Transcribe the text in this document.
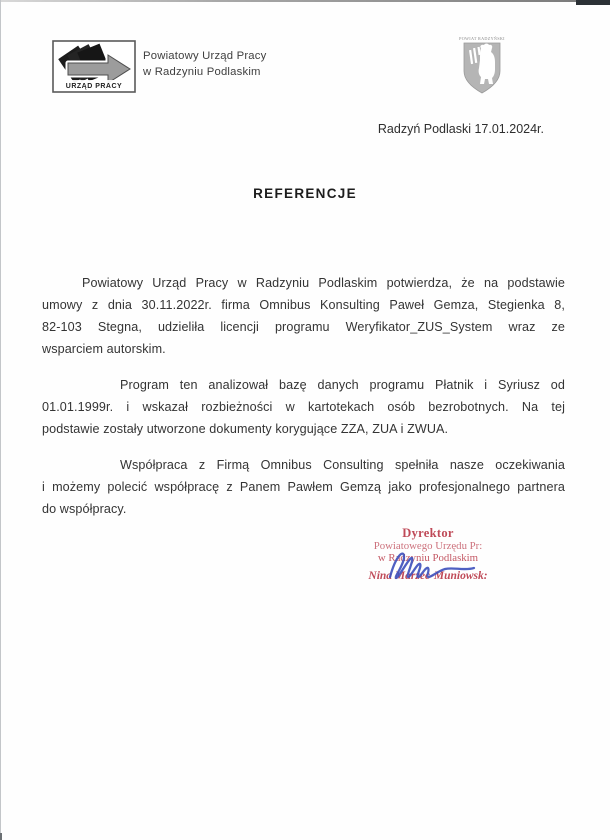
URZĄD PRACY
Powiatowy Urząd Pracy
w Radzyniu Podlaskim
POWIAT RADZYŃSKI
Radzyń Podlaski 17.01.2024r.
REFERENCJE

Powiatowy Urząd Pracy w Radzyniu Podlaskim potwierdza, że na podstawie
umowy z dnia 30.11.2022r. firma Omnibus Konsulting Paweł Gemza, Stegienka 8,
82-103 Stegna, udzieliła licencji programu Weryfikator_ZUS_System wraz ze
wsparciem autorskim.

Program ten analizował bazę danych programu Płatnik i Syriusz od
01.01.1999r. i wskazał rozbieżności w kartotekach osób bezrobotnych. Na tej
podstawie zostały utworzone dokumenty korygujące ZZA, ZUA i ZWUA.

Współpraca z Firmą Omnibus Consulting spełniła nasze oczekiwania
i możemy polecić współpracę z Panem Pawłem Gemzą jako profesjonalnego partnera
do współpracy.

Dyrektor
Powiatowego Urzędu Pr:
w Radzyniu Podlaskim
Nina Marzec-Muniowsk:
